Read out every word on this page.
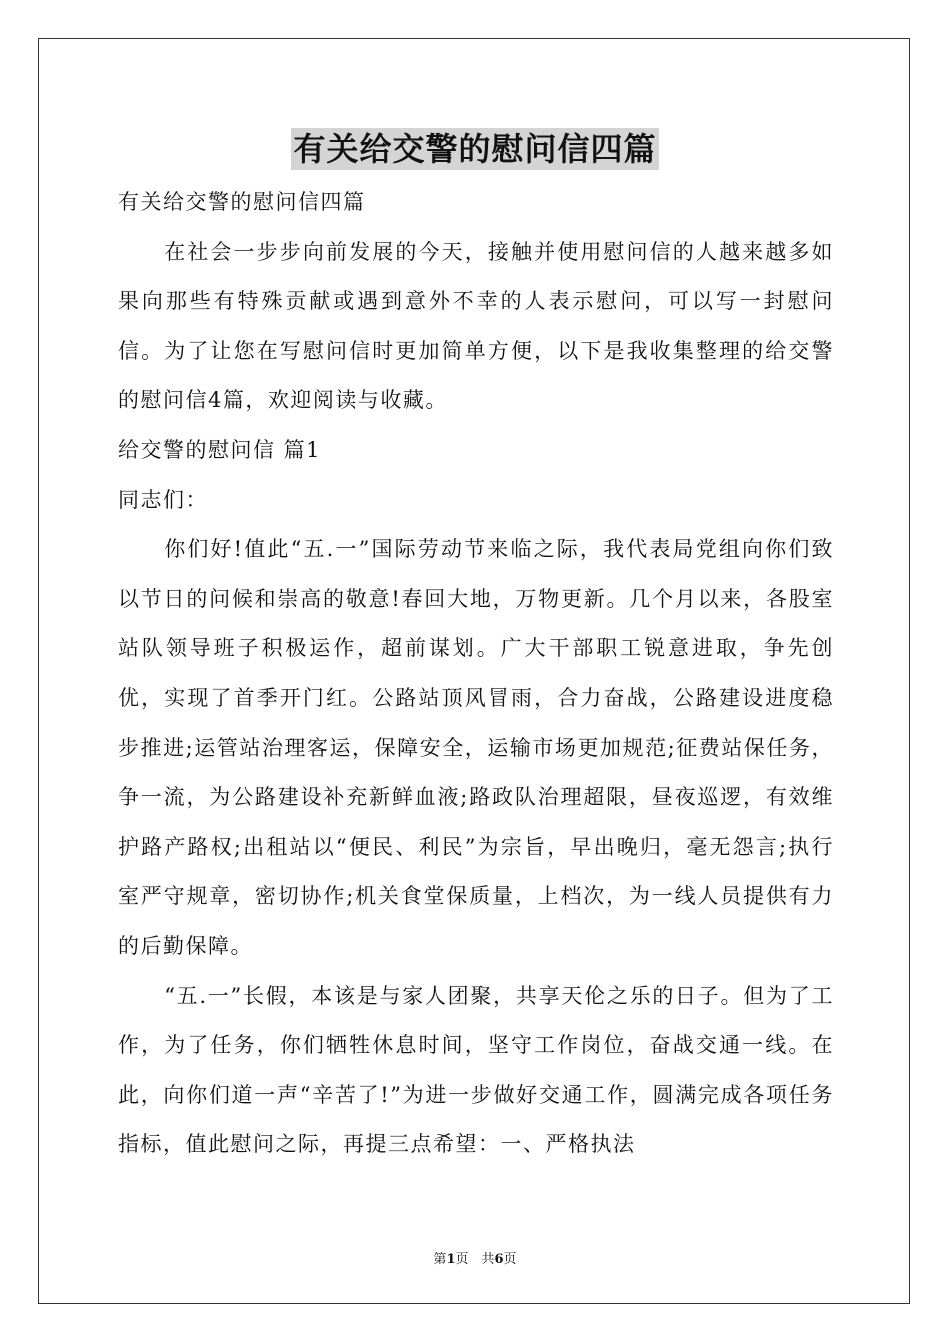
有关给交警的慰问信四篇

有关给交警的慰问信四篇

在社会一步步向前发展的今天，接触并使用慰问信的人越来越多如果向那些有特殊贡献或遇到意外不幸的人表示慰问，可以写一封慰问信。为了让您在写慰问信时更加简单方便，以下是我收集整理的给交警的慰问信4篇，欢迎阅读与收藏。

给交警的慰问信 篇1

同志们：

你们好!值此“五.一”国际劳动节来临之际，我代表局党组向你们致以节日的问候和崇高的敬意!春回大地，万物更新。几个月以来，各股室站队领导班子积极运作，超前谋划。广大干部职工锐意进取，争先创优，实现了首季开门红。公路站顶风冒雨，合力奋战，公路建设进度稳步推进;运管站治理客运，保障安全，运输市场更加规范;征费站保任务，争一流，为公路建设补充新鲜血液;路政队治理超限，昼夜巡逻，有效维护路产路权;出租站以“便民、利民”为宗旨，早出晚归，毫无怨言;执行室严守规章，密切协作;机关食堂保质量，上档次，为一线人员提供有力的后勤保障。

“五.一”长假，本该是与家人团聚，共享天伦之乐的日子。但为了工作，为了任务，你们牺牲休息时间，坚守工作岗位，奋战交通一线。在此，向你们道一声“辛苦了!”为进一步做好交通工作，圆满完成各项任务指标，值此慰问之际，再提三点希望：一、严格执法

第1页　共6页
